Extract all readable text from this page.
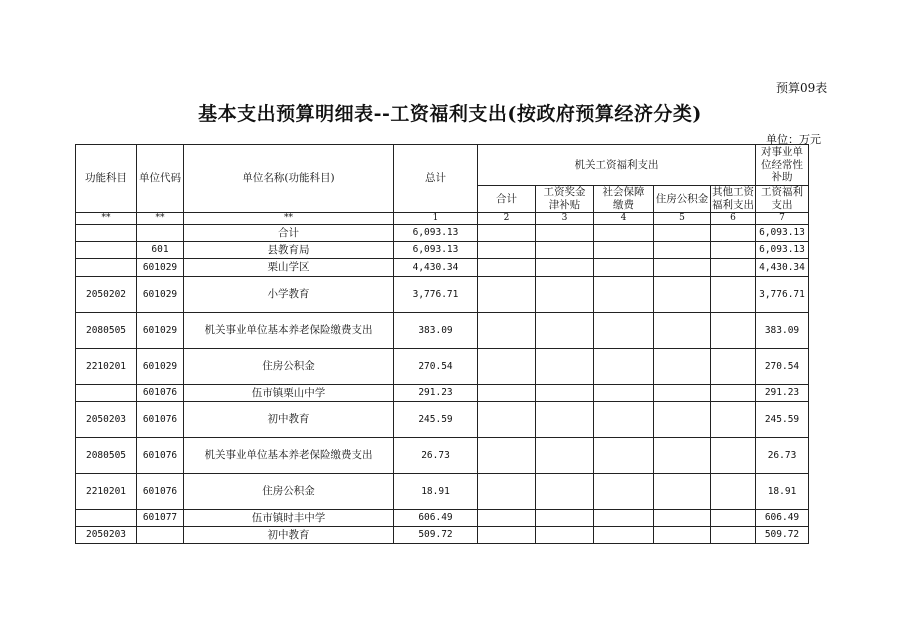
预算09表
基本支出预算明细表--工资福利支出(按政府预算经济分类)
单位：万元
功能科目	单位代码	单位名称(功能科目)	总计	机关工资福利支出					对事业单
位经常性
补助
				合计	工资奖金
津补贴	社会保障
缴费	住房公积金	其他工资
福利支出	工资福利
支出
**	**	**	1	2	3	4	5	6	7
		合计	6,093.13						6,093.13
	601	县教育局	6,093.13						6,093.13
	601029	栗山学区	4,430.34						4,430.34
2050202	601029	小学教育	3,776.71						3,776.71
2080505	601029	机关事业单位基本养老保险缴费支出	383.09						383.09
2210201	601029	住房公积金	270.54						270.54
	601076	伍市镇栗山中学	291.23						291.23
2050203	601076	初中教育	245.59						245.59
2080505	601076	机关事业单位基本养老保险缴费支出	26.73						26.73
2210201	601076	住房公积金	18.91						18.91
	601077	伍市镇时丰中学	606.49						606.49
2050203		初中教育	509.72						509.72
